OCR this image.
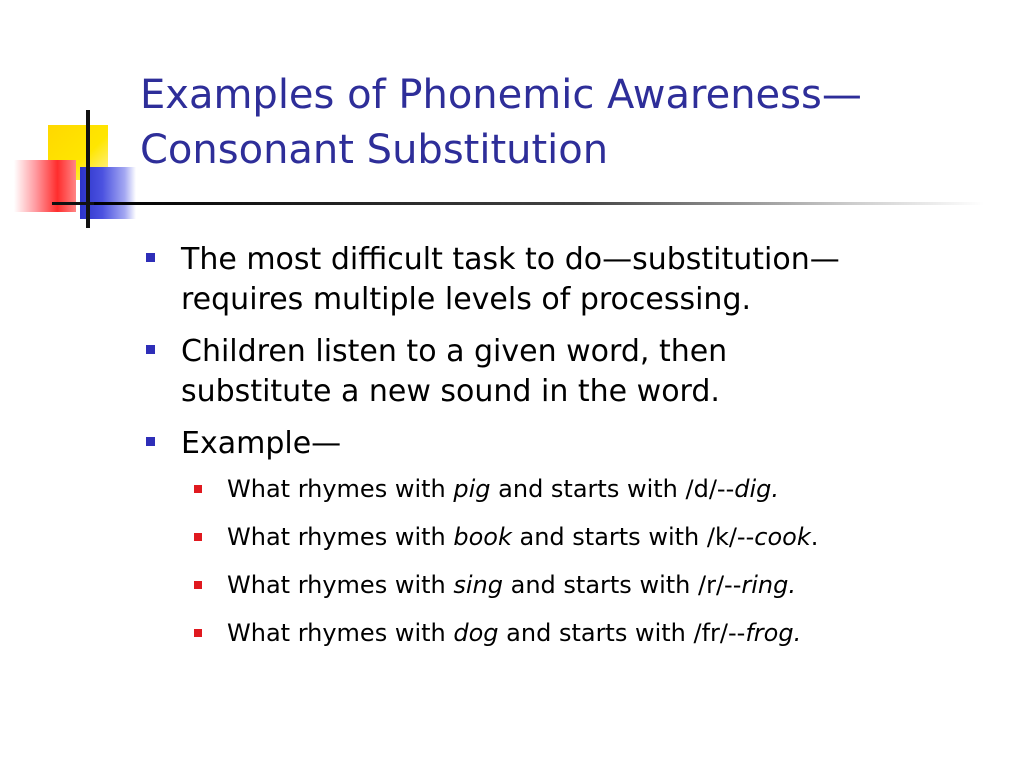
Examples of Phonemic Awareness—
Consonant Substitution
The most difficult task to do—substitution—
requires multiple levels of processing.
Children listen to a given word, then
substitute a new sound in the word.
Example—
What rhymes with pig and starts with /d/--dig.
What rhymes with book and starts with /k/--cook.
What rhymes with sing and starts with /r/--ring.
What rhymes with dog and starts with /fr/--frog.
